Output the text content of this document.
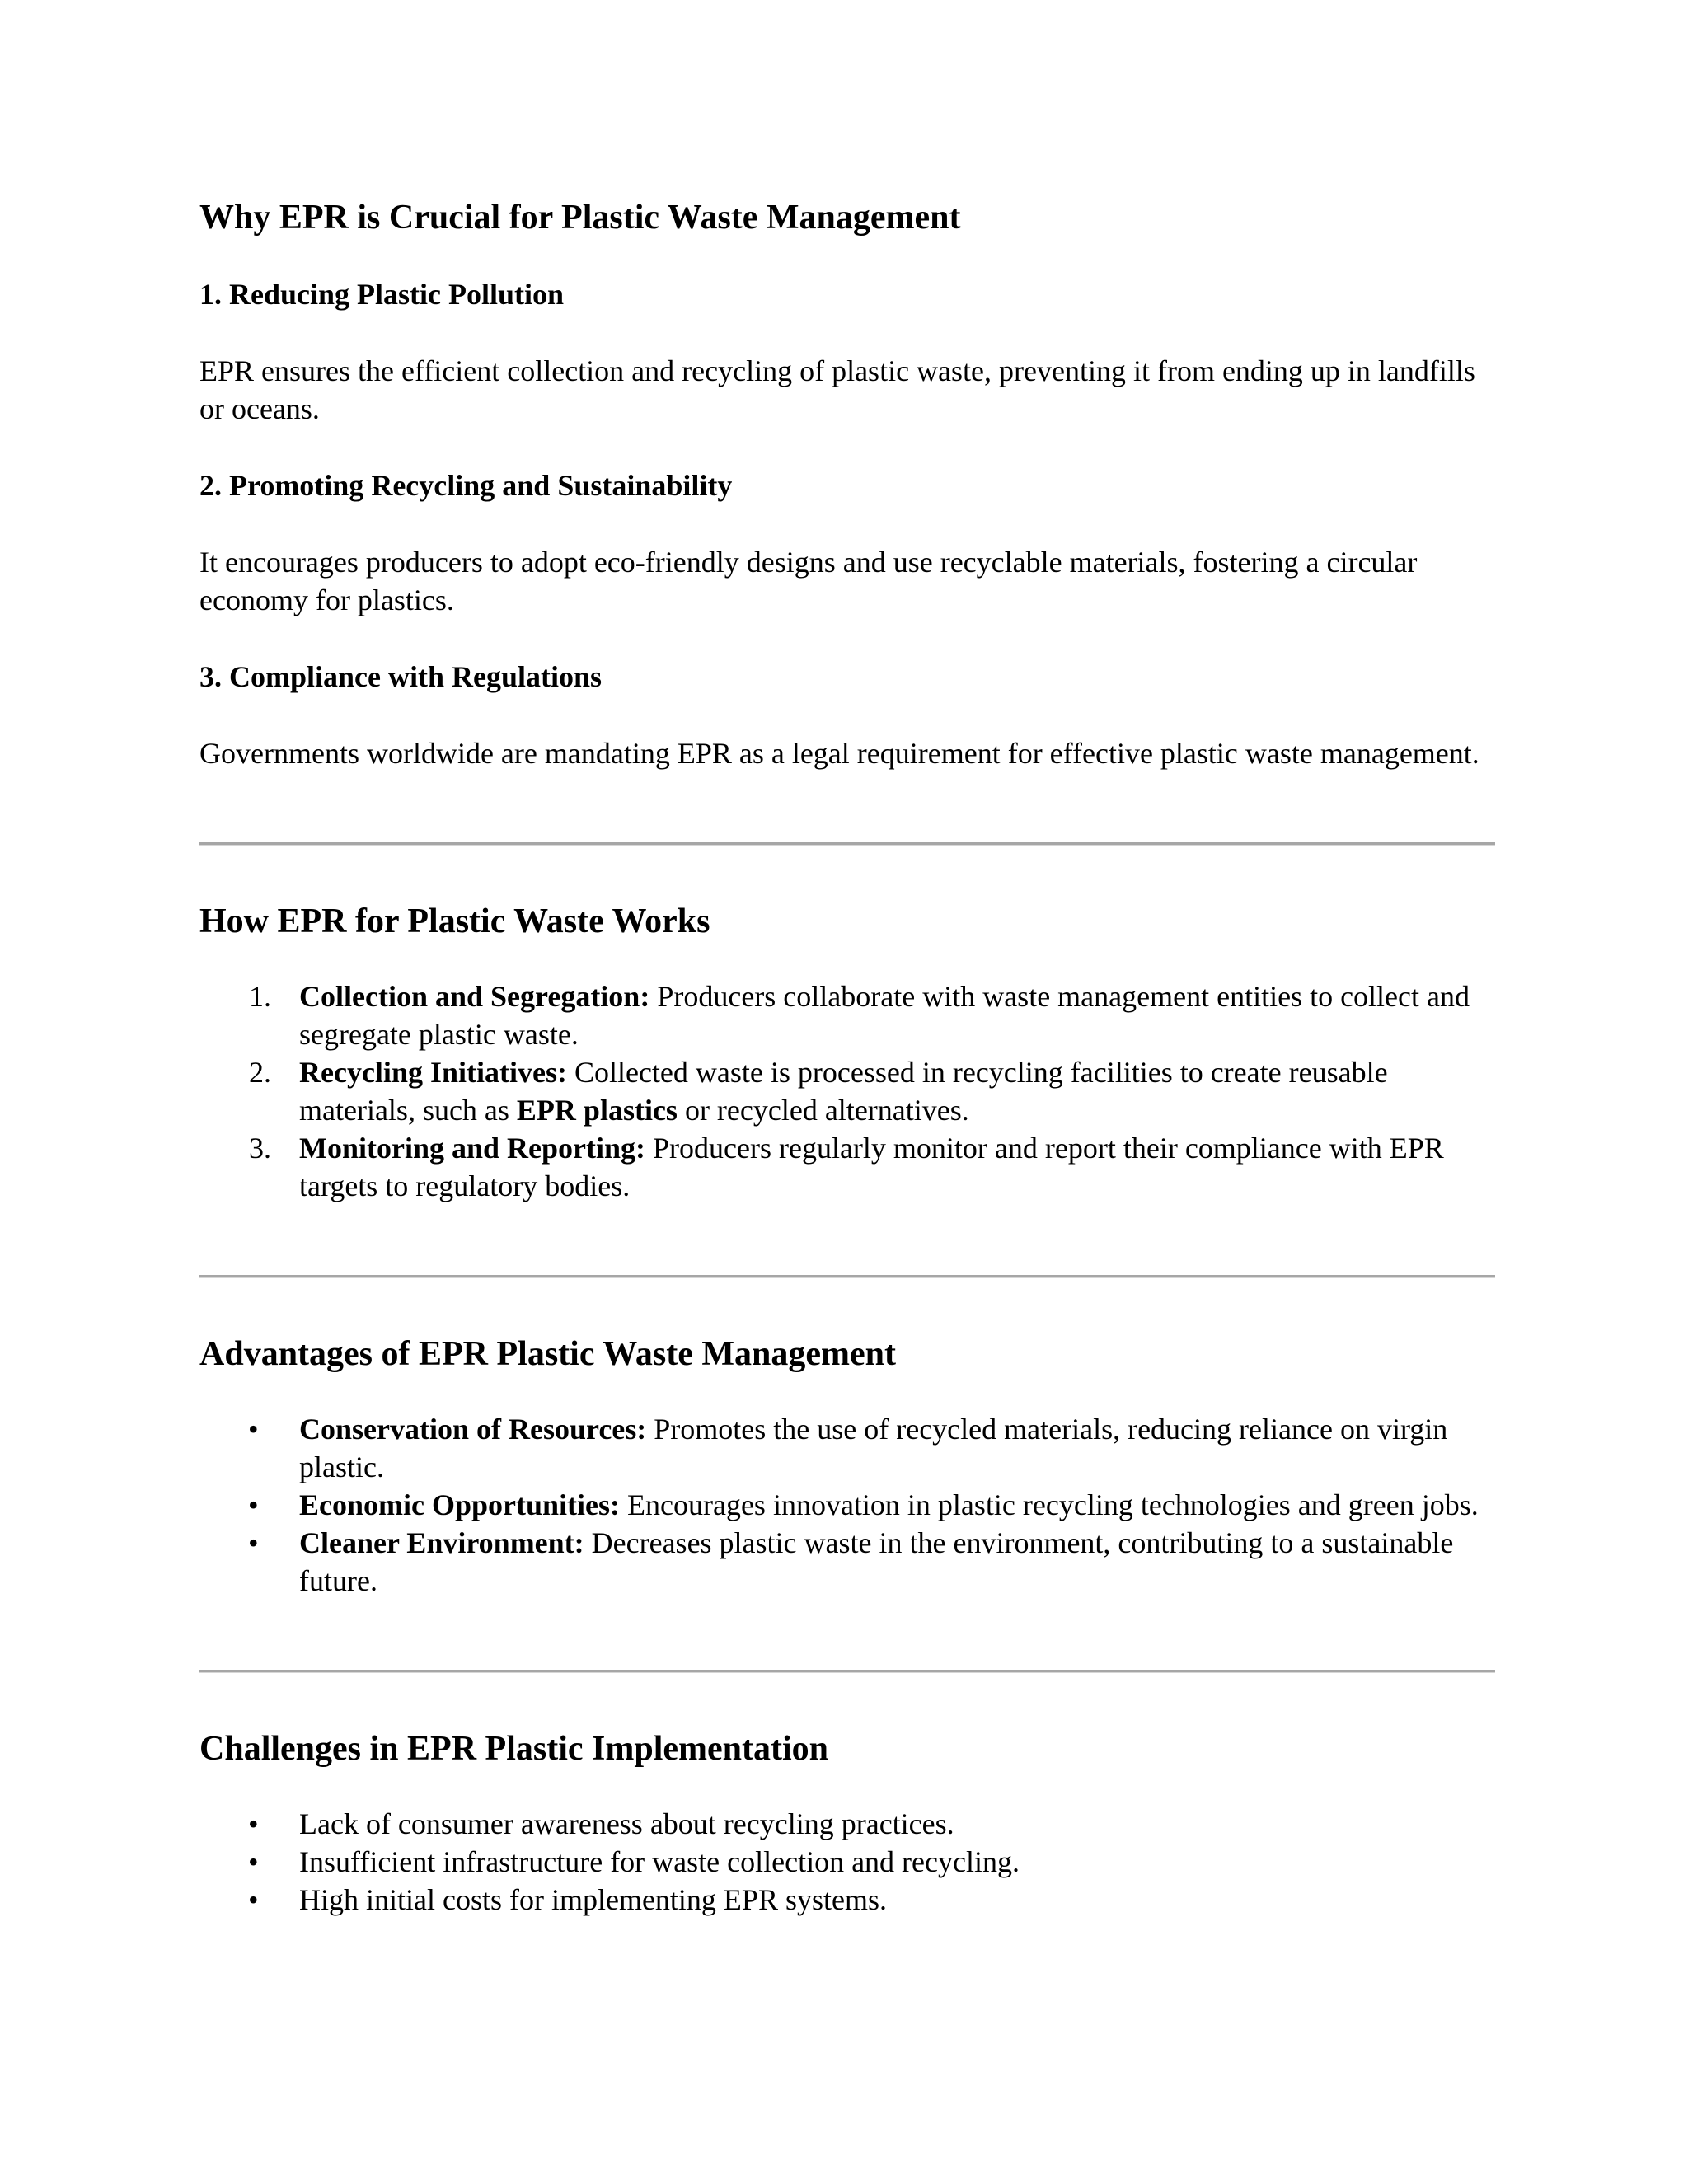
Why EPR is Crucial for Plastic Waste Management
1. Reducing Plastic Pollution

EPR ensures the efficient collection and recycling of plastic waste, preventing it from ending up in landfills or oceans.

2. Promoting Recycling and Sustainability

It encourages producers to adopt eco-friendly designs and use recyclable materials, fostering a circular economy for plastics.

3. Compliance with Regulations

Governments worldwide are mandating EPR as a legal requirement for effective plastic waste management.

How EPR for Plastic Waste Works
1. Collection and Segregation: Producers collaborate with waste management entities to collect and segregate plastic waste.
2. Recycling Initiatives: Collected waste is processed in recycling facilities to create reusable materials, such as EPR plastics or recycled alternatives.
3. Monitoring and Reporting: Producers regularly monitor and report their compliance with EPR targets to regulatory bodies.
Advantages of EPR Plastic Waste Management
• Conservation of Resources: Promotes the use of recycled materials, reducing reliance on virgin plastic.
• Economic Opportunities: Encourages innovation in plastic recycling technologies and green jobs.
• Cleaner Environment: Decreases plastic waste in the environment, contributing to a sustainable future.
Challenges in EPR Plastic Implementation
• Lack of consumer awareness about recycling practices.
• Insufficient infrastructure for waste collection and recycling.
• High initial costs for implementing EPR systems.
